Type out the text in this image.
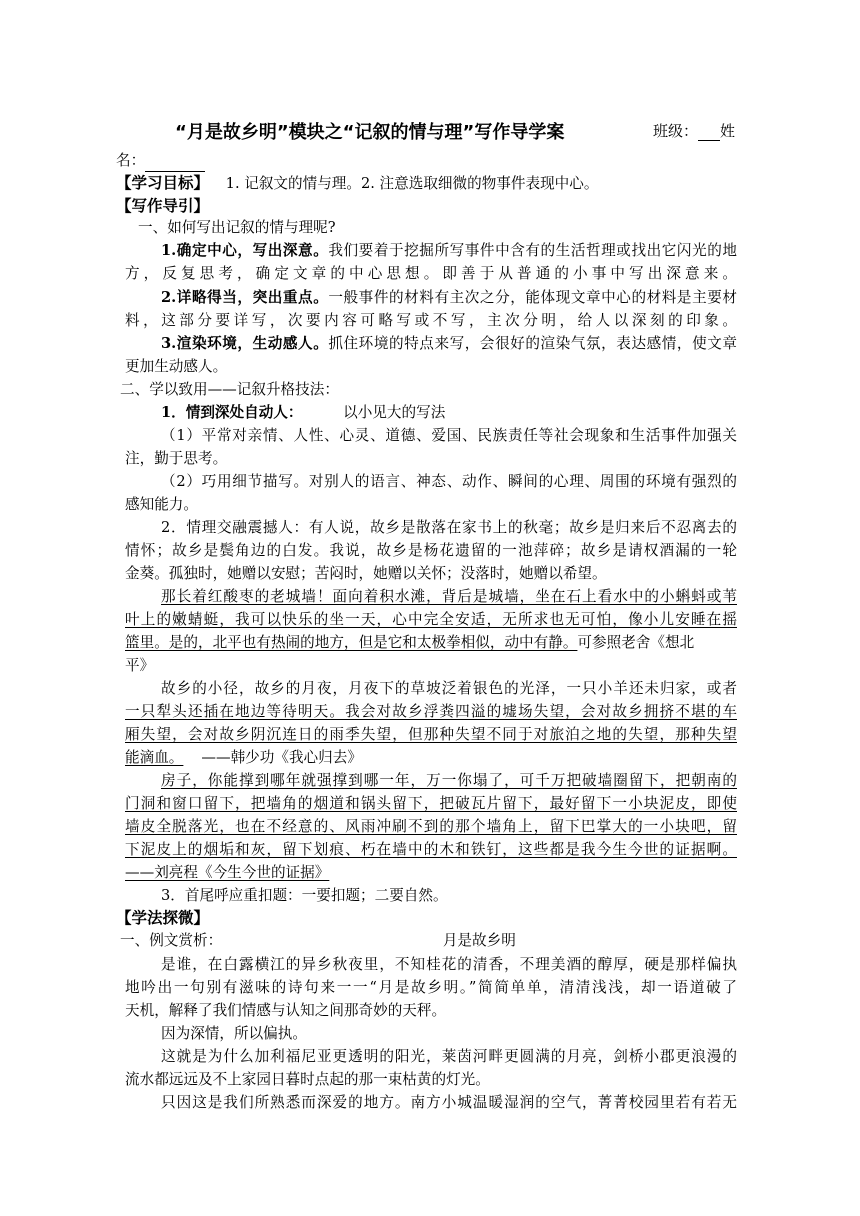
“月是故乡明”模块之“记叙的情与理”写作导学案	班级： 姓
名：
【学习目标】 1. 记叙文的情与理。2. 注意选取细微的物事件表现中心。
【写作导引】
一、如何写出记叙的情与理呢?
1.确定中心，写出深意。我们要着于挖掘所写事件中含有的生活哲理或找出它闪光的地
方，反复思考，确定文章的中心思想。即善于从普通的小事中写出深意来。
2.详略得当，突出重点。一般事件的材料有主次之分，能体现文章中心的材料是主要材
料，这部分要详写，次要内容可略写或不写，主次分明，给人以深刻的印象。
3.渲染环境，生动感人。抓住环境的特点来写，会很好的渲染气氛，表达感情，使文章
更加生动感人。
二、学以致用——记叙升格技法：
1．情到深处自动人：	以小见大的写法
（1）平常对亲情、人性、心灵、道德、爱国、民族责任等社会现象和生活事件加强关
注，勤于思考。
（2）巧用细节描写。对别人的语言、神态、动作、瞬间的心理、周围的环境有强烈的
感知能力。
2．情理交融震撼人：有人说，故乡是散落在家书上的秋毫；故乡是归来后不忍离去的
情怀；故乡是鬓角边的白发。我说，故乡是杨花遗留的一池萍碎；故乡是请权酒漏的一轮
金葵。孤独时，她赠以安慰；苦闷时，她赠以关怀；没落时，她赠以希望。
那长着红酸枣的老城墙！面向着积水滩，背后是城墙，坐在石上看水中的小蝌蚪或苇
叶上的嫩蜻蜓，我可以快乐的坐一天，心中完全安适，无所求也无可怕，像小儿安睡在摇
篮里。是的，北平也有热闹的地方，但是它和太极拳相似，动中有静。可参照老舍《想北
平》
故乡的小径，故乡的月夜，月夜下的草坡泛着银色的光泽，一只小羊还未归家，或者
一只犁头还插在地边等待明天。我会对故乡浮粪四溢的墟场失望，会对故乡拥挤不堪的车
厢失望，会对故乡阴沉连日的雨季失望，但那种失望不同于对旅泊之地的失望，那种失望
能滴血。 ——韩少功《我心归去》
房子，你能撑到哪年就强撑到哪一年，万一你塌了，可千万把破墙圈留下，把朝南的
门洞和窗口留下，把墙角的烟道和锅头留下，把破瓦片留下，最好留下一小块泥皮，即使
墙皮全脱落光，也在不经意的、风雨冲刷不到的那个墙角上，留下巴掌大的一小块吧，留
下泥皮上的烟垢和灰，留下划痕、朽在墙中的木和铁钉，这些都是我今生今世的证据啊。
——刘亮程《今生今世的证据》
3．首尾呼应重扣题：一要扣题；二要自然。
【学法探微】
一、例文赏析：	月是故乡明
是谁，在白露横江的异乡秋夜里，不知桂花的清香，不理美酒的醇厚，硬是那样偏执
地吟出一句别有滋味的诗句来一一“月是故乡明。”简简单单，清清浅浅，却一语道破了
天机，解释了我们情感与认知之间那奇妙的天秤。
因为深情，所以偏执。
这就是为什么加利福尼亚更透明的阳光，莱茵河畔更圆满的月亮，剑桥小郡更浪漫的
流水都远远及不上家园日暮时点起的那一束枯黄的灯光。
只因这是我们所熟悉而深爱的地方。南方小城温暖湿润的空气，菁菁校园里若有若无
